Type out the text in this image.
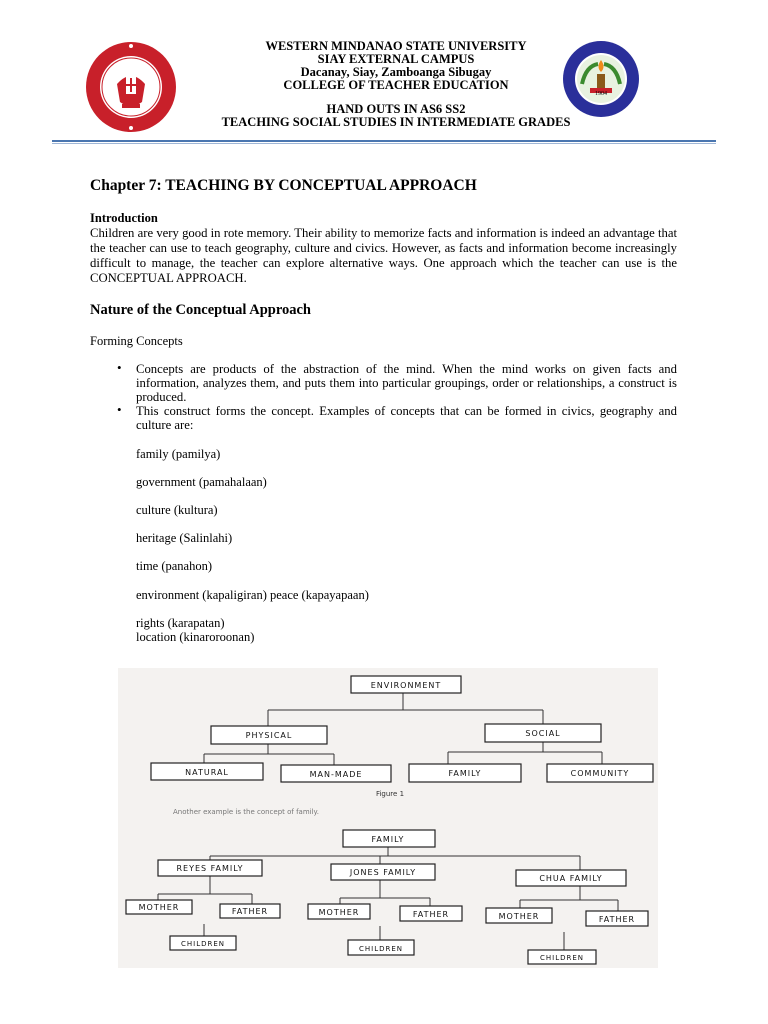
1904
WESTERN MINDANAO STATE UNIVERSITY
SIAY EXTERNAL CAMPUS
Dacanay, Siay, Zamboanga Sibugay
COLLEGE OF TEACHER EDUCATION
HAND OUTS IN AS6 SS2
TEACHING SOCIAL STUDIES IN INTERMEDIATE GRADES
Chapter 7: TEACHING BY CONCEPTUAL APPROACH
Introduction
Children are very good in rote memory. Their ability to memorize facts and information is indeed an advantage that the teacher can use to teach geography, culture and civics. However, as facts and information become increasingly difficult to manage, the teacher can explore alternative ways. One approach which the teacher can use is the CONCEPTUAL APPROACH.
Nature of the Conceptual Approach
Forming Concepts
• Concepts are products of the abstraction of the mind. When the mind works on given facts and information, analyzes them, and puts them into particular groupings, order or relationships, a construct is produced.
• This construct forms the concept. Examples of concepts that can be formed in civics, geography and culture are:
family (pamilya)
government (pamahalaan)
culture (kultura)
heritage (Salinlahi)
time (panahon)
environment (kapaligiran) peace (kapayapaan)
rights (karapatan)
location (kinaroroonan)
ENVIRONMENT
PHYSICAL	SOCIAL
NATURAL	MAN-MADE	FAMILY	COMMUNITY
FAMILY
REYES FAMILY	JONES FAMILY
CHUA FAMILY
MOTHER	FATHER	MOTHER	FATHER	MOTHER	FATHER
CHILDREN
CHILDREN
CHILDREN
Figure 1
Another example is the concept of family.
